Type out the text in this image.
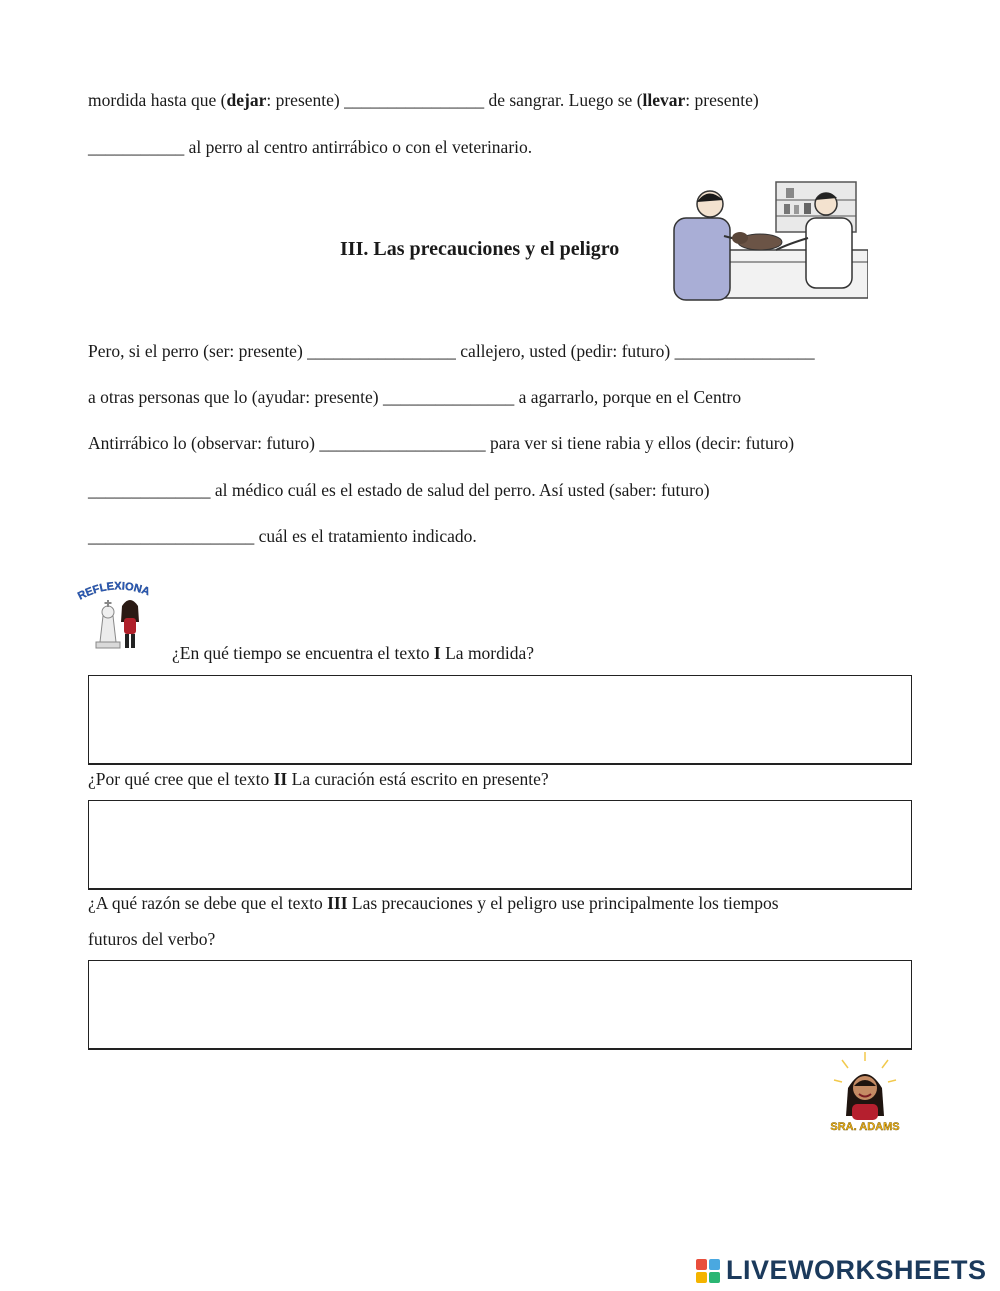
mordida hasta que (dejar: presente) ________________ de sangrar. Luego se (llevar: presente)
___________ al perro al centro antirrábico o con el veterinario.
III. Las precauciones y el peligro
Pero, si el perro (ser: presente) _________________ callejero, usted (pedir: futuro) ________________
a otras personas que lo (ayudar: presente) _______________ a agarrarlo, porque en el Centro
Antirrábico lo (observar: futuro) ___________________ para ver si tiene rabia y ellos (decir: futuro)
______________ al médico cuál es el estado de salud del perro. Así usted (saber: futuro)
___________________ cuál es el tratamiento indicado.
REFLEXIONA
¿En qué tiempo se encuentra el texto I La mordida?
¿Por qué cree que el texto II La curación está escrito en presente?
¿A qué razón se debe que el texto III Las precauciones y el peligro use principalmente los tiempos
futuros del verbo?
SRA. ADAMS
LIVEWORKSHEETS
